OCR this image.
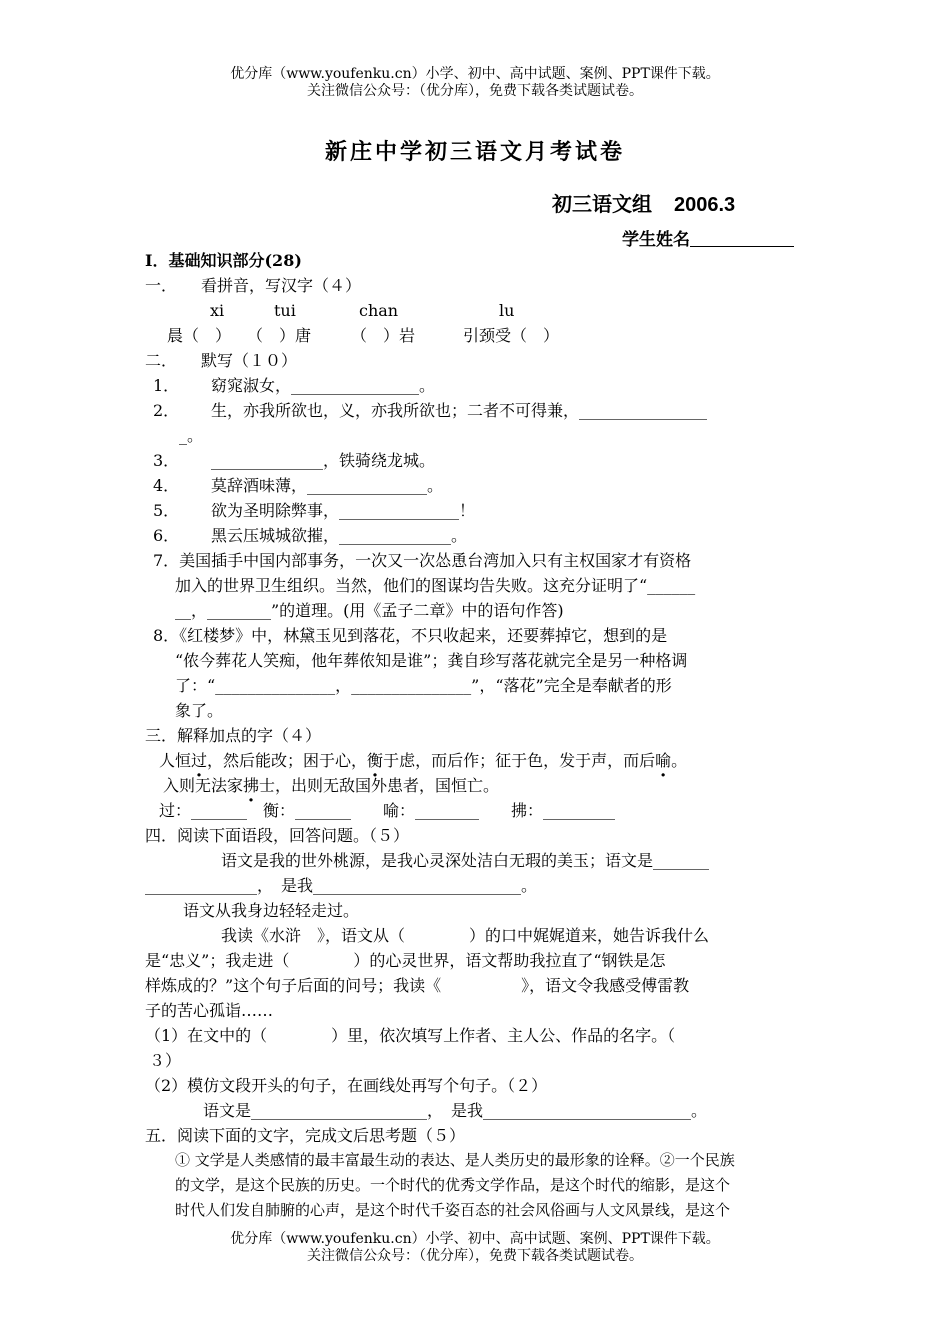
优分库（www.youfenku.cn）小学、初中、高中试题、案例、PPT课件下载。
关注微信公众号：（优分库），免费下载各类试题试卷。
新庄中学初三语文月考试卷
初三语文组 2006.3
学生姓名
I．基础知识部分(28)
一．　　看拼音，写汉字（４）
xi	tui	chan	lu
晨（　）　　（　）唐　　　（　）岩　　　引颈受（　）
二．　　默写（１０）
1． 窈窕淑女，________________。
2． 生，亦我所欲也，义，亦我所欲也；二者不可得兼，________________
_。
3． ______________，铁骑绕龙城。
4． 莫辞酒味薄，_______________。
5． 欲为圣明除弊事，_______________！
6． 黑云压城城欲摧，______________。
7．美国插手中国内部事务，一次又一次怂恿台湾加入只有主权国家才有资格
加入的世界卫生组织。当然，他们的图谋均告失败。这充分证明了“______
__，________”的道理。(用《孟子二章》中的语句作答)
8．《红楼梦》中，林黛玉见到落花，不只收起来，还要葬掉它，想到的是
“侬今葬花人笑痴，他年葬侬知是谁”；龚自珍写落花就完全是另一种格调
了：“_______________，_______________”，“落花”完全是奉献者的形
象了。
三．解释加点的字（４）
人恒过，然后能改；困于心，衡于虑，而后作；征于色，发于声，而后喻。
入则无法家拂士，出则无敌国外患者，国恒亡。
过：_______　衡：_______　　喻：________　　拂：_________
四．阅读下面语段，回答问题。（５）
语文是我的世外桃源，是我心灵深处洁白无瑕的美玉；语文是_______
______________，　是我__________________________。
语文从我身边轻轻走过。
我读《水浒　》，语文从（　　　　）的口中娓娓道来，她告诉我什么
是“忠义”；我走进（　　　　）的心灵世界，语文帮助我拉直了“钢铁是怎
样炼成的？”这个句子后面的问号；我读《　　　　　》，语文令我感受傅雷教
子的苦心孤诣……
（1）在文中的（　　　　）里，依次填写上作者、主人公、作品的名字。（
３）
（2）模仿文段开头的句子，在画线处再写个句子。（２）
语文是______________________，　是我__________________________。
五．阅读下面的文字，完成文后思考题（５）
① 文学是人类感情的最丰富最生动的表达、是人类历史的最形象的诠释。②一个民族
的文学，是这个民族的历史。一个时代的优秀文学作品，是这个时代的缩影，是这个
时代人们发自肺腑的心声，是这个时代千姿百态的社会风俗画与人文风景线，是这个
优分库（www.youfenku.cn）小学、初中、高中试题、案例、PPT课件下载。
关注微信公众号：（优分库），免费下载各类试题试卷。
